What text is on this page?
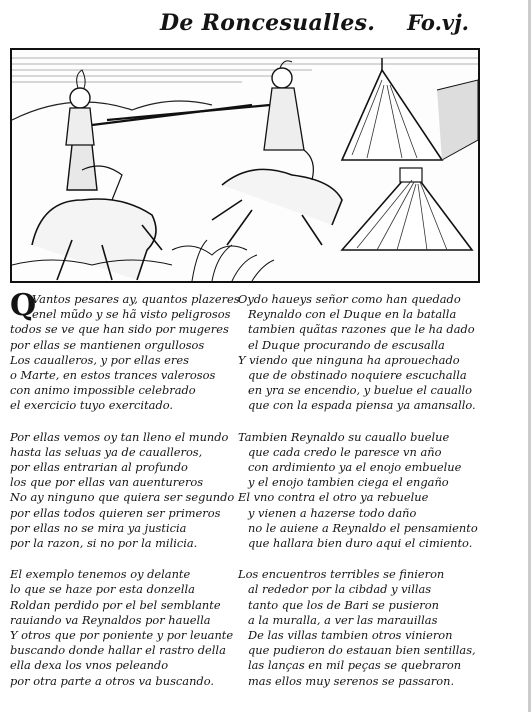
De Roncesualles. Fo.vj.
Q
Vantos pesares ay, quantos plazeres
enel mũdo y se hã visto peligrosos
todos se ve que han sido por mugeres
por ellas se mantienen orgullosos
Los caualleros, y por ellas eres
o Marte, en estos trances valerosos
con animo impossible celebrado
el exercicio tuyo exercitado.
Por ellas vemos oy tan lleno el mundo
hasta las seluas ya de caualleros,
por ellas entrarian al profundo
los que por ellas van auentureros
No ay ninguno que quiera ser segundo
por ellas todos quieren ser primeros
por ellas no se mira ya justicia
por la razon, si no por la milicia.
El exemplo tenemos oy delante
lo que se haze por esta donzella
Roldan perdido por el bel semblante
rauiando va Reynaldos por hauella
Y otros que por poniente y por leuante
buscando donde hallar el rastro della
ella dexa los vnos peleando
por otra parte a otros va buscando.
Oydo haueys señor como han quedado
Reynaldo con el Duque en la batalla
tambien quãtas razones que le ha dado
el Duque procurando de escusalla
Y viendo que ninguna ha aprouechado
que de obstinado noquiere escuchalla
en yra se encendio, y buelue el cauallo
que con la espada piensa ya amansallo.
Tambien Reynaldo su cauallo buelue
que cada credo le paresce vn año
con ardimiento ya el enojo embuelue
y el enojo tambien ciega el engaño
El vno contra el otro ya rebuelue
y vienen a hazerse todo daño
no le auiene a Reynaldo el pensamiento
que hallara bien duro aqui el cimiento.
Los encuentros terribles se finieron
al rededor por la cibdad y villas
tanto que los de Bari se pusieron
a la muralla, a ver las marauillas
De las villas tambien otros vinieron
que pudieron do estauan bien sentillas,
las lanças en mil peças se quebraron
mas ellos muy serenos se passaron.
